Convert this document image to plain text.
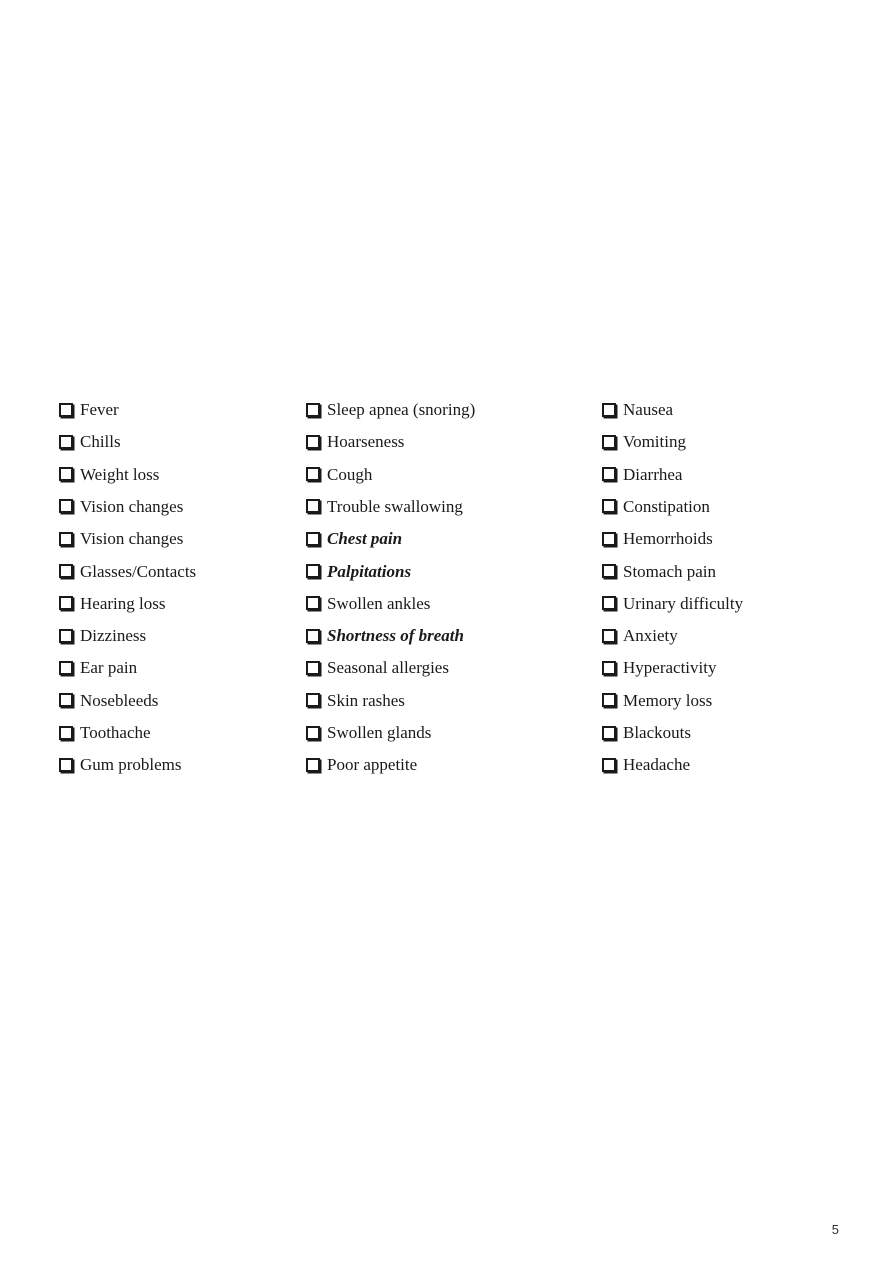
Fever
Chills
Weight loss
Vision changes
Vision changes
Glasses/Contacts
Hearing loss
Dizziness
Ear pain
Nosebleeds
Toothache
Gum problems
Sleep apnea (snoring)
Hoarseness
Cough
Trouble swallowing
Chest pain
Palpitations
Swollen ankles
Shortness of breath
Seasonal allergies
Skin rashes
Swollen glands
Poor appetite
Nausea
Vomiting
Diarrhea
Constipation
Hemorrhoids
Stomach pain
Urinary difficulty
Anxiety
Hyperactivity
Memory loss
Blackouts
Headache
5
